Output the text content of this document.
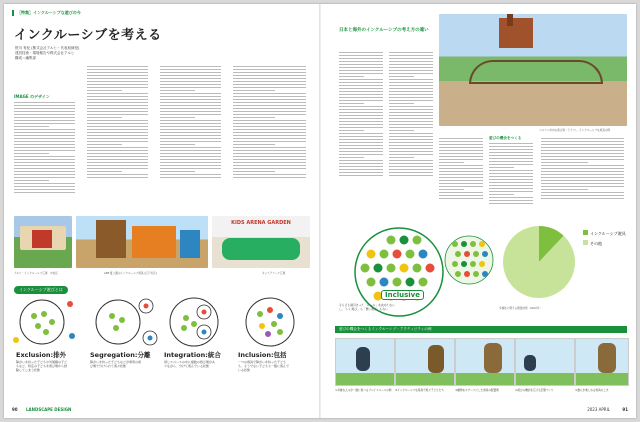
［特集］インクルーシブな遊びの今
インクルーシブを考える
笹川 有紀 (株式会社アルヒ・代表取締役)
建設技術・環境報告や株式会社アルヒ
構成＝編集部
IMAGE のデザイン
KIDS ARENA GARDEN
アルヒ・インクルーシブ広場　中央区	ARE 夏公園のインクルーシブ遊具 (江戸川区)	キッズアリーナ広場
インクルーシブ遊びとは
Exclusion:排外	Segregation:分離 Integration:統合	Inclusion:包括
障がいを持った子どもや外国籍の子どもなど、特定の子どもを遊び場から排除してしまう状態
障がいを持った子どもなどが専用の遊び場で分けられて遊ぶ状態
同じスペースの中に複数の遊び場がありながら、分けて遊んでいる状態
一つの遊具で障がいを持った子どもも、そうでない子どもも一緒に遊んでいる状態
90 LANDSCAPE DESIGN
日本と海外のインクルーシブの考え方の違い
ベルリン市内の遊び場（ドイツ）。インクルーシブな遊具の例
遊びの機会をつくる
Inclusive
そもそも線引きって「ルール」を決めてないし、「いい遊び」も「悪い遊び」もない
インクルーシブ遊具
その他
多様性に関する調査結果（2022年）
遊びの機会をつくるインクルーシブ・アクティビティの例
①多様な人々が一緒に遊べるプレイスペースの例	②インクルーシブな遊具で遊ぶ子どもたち	③動物をモチーフにした遊具の配置例	④遊びの機会を広げる空間づくり	⑤誰もが楽しめる遊具の工夫
2023 APRIL	91
